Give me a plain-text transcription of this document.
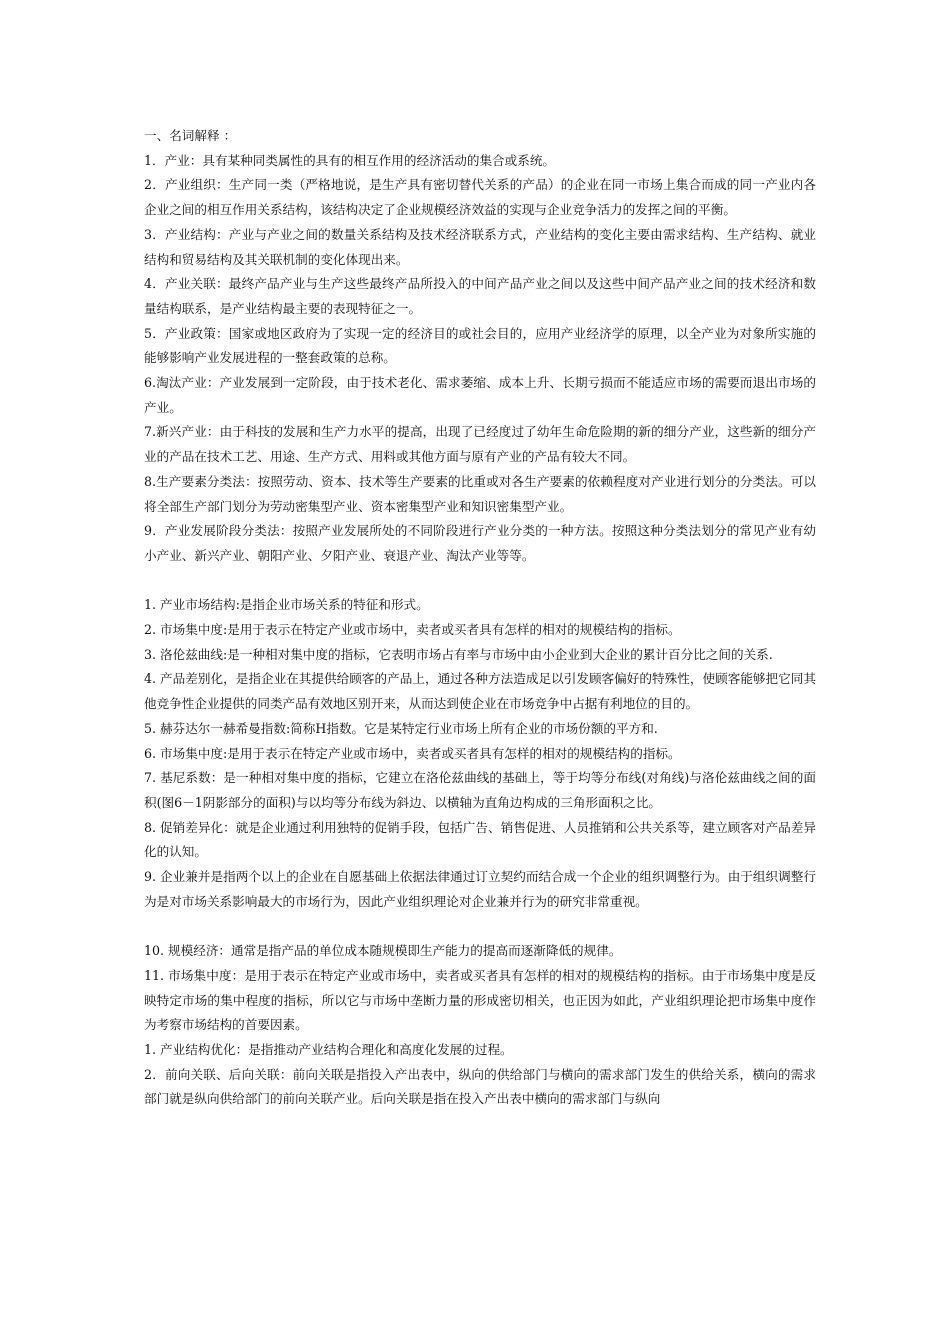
一、名词解释 ：

1．产业：具有某种同类属性的具有的相互作用的经济活动的集合或系统。

2．产业组织：生产同一类（严格地说，是生产具有密切替代关系的产品）的企业在同一市场上集合而成的同一产业内各企业之间的相互作用关系结构，该结构决定了企业规模经济效益的实现与企业竞争活力的发挥之间的平衡。

3．产业结构：产业与产业之间的数量关系结构及技术经济联系方式，产业结构的变化主要由需求结构、生产结构、就业结构和贸易结构及其关联机制的变化体现出来。

4．产业关联：最终产品产业与生产这些最终产品所投入的中间产品产业之间以及这些中间产品产业之间的技术经济和数量结构联系，是产业结构最主要的表现特征之一。

5．产业政策：国家或地区政府为了实现一定的经济目的或社会目的，应用产业经济学的原理，以全产业为对象所实施的能够影响产业发展进程的一整套政策的总称。

6.淘汰产业：产业发展到一定阶段，由于技术老化、需求萎缩、成本上升、长期亏损而不能适应市场的需要而退出市场的产业。

7.新兴产业：由于科技的发展和生产力水平的提高，出现了已经度过了幼年生命危险期的新的细分产业，这些新的细分产业的产品在技术工艺、用途、生产方式、用料或其他方面与原有产业的产品有较大不同。

8.生产要素分类法：按照劳动、资本、技术等生产要素的比重或对各生产要素的依赖程度对产业进行划分的分类法。可以将全部生产部门划分为劳动密集型产业、资本密集型产业和知识密集型产业。

9．产业发展阶段分类法：按照产业发展所处的不同阶段进行产业分类的一种方法。按照这种分类法划分的常见产业有幼小产业、新兴产业、朝阳产业、夕阳产业、衰退产业、淘汰产业等等。

1. 产业市场结构:是指企业市场关系的特征和形式。

2. 市场集中度:是用于表示在特定产业或市场中，卖者或买者具有怎样的相对的规模结构的指标。

3. 洛伦兹曲线:是一种相对集中度的指标，它表明市场占有率与市场中由小企业到大企业的累计百分比之间的关系.

4. 产品差别化，是指企业在其提供给顾客的产品上，通过各种方法造成足以引发顾客偏好的特殊性，使顾客能够把它同其他竞争性企业提供的同类产品有效地区别开来，从而达到使企业在市场竞争中占据有利地位的目的。

5. 赫芬达尔一赫希曼指数:简称H指数。它是某特定行业市场上所有企业的市场份额的平方和.

6. 市场集中度:是用于表示在特定产业或市场中，卖者或买者具有怎样的相对的规模结构的指标。

7. 基尼系数：是一种相对集中度的指标，它建立在洛伦兹曲线的基础上，等于均等分布线(对角线)与洛伦兹曲线之间的面积(图6－1阴影部分的面积)与以均等分布线为斜边、以横轴为直角边构成的三角形面积之比。

8. 促销差异化：就是企业通过利用独特的促销手段，包括广告、销售促进、人员推销和公共关系等，建立顾客对产品差异化的认知。

9. 企业兼并是指两个以上的企业在自愿基础上依据法律通过订立契约而结合成一个企业的组织调整行为。由于组织调整行为是对市场关系影响最大的市场行为，因此产业组织理论对企业兼并行为的研究非常重视。

10. 规模经济：通常是指产品的单位成本随规模即生产能力的提高而逐渐降低的规律。

11. 市场集中度：是用于表示在特定产业或市场中，卖者或买者具有怎样的相对的规模结构的指标。由于市场集中度是反映特定市场的集中程度的指标，所以它与市场中垄断力量的形成密切相关，也正因为如此，产业组织理论把市场集中度作为考察市场结构的首要因素。

1. 产业结构优化：是指推动产业结构合理化和高度化发展的过程。

2．前向关联、后向关联：前向关联是指投入产出表中，纵向的供给部门与横向的需求部门发生的供给关系，横向的需求部门就是纵向供给部门的前向关联产业。后向关联是指在投入产出表中横向的需求部门与纵向
